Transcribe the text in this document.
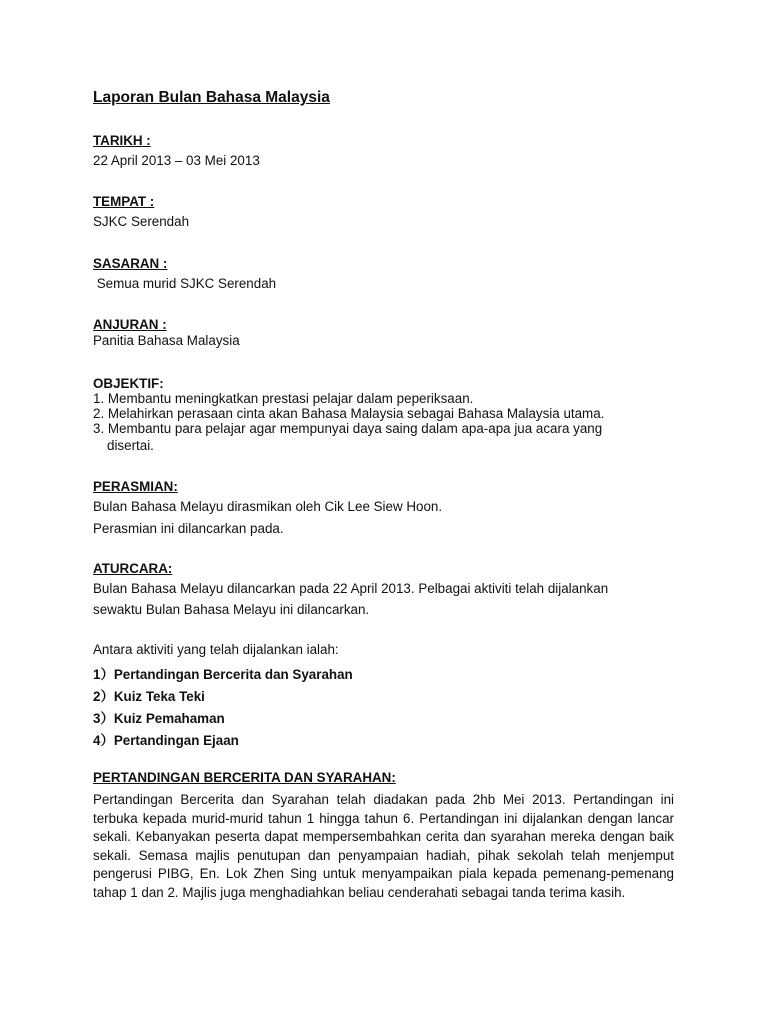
Laporan Bulan Bahasa Malaysia
TARIKH :
22 April 2013 – 03 Mei 2013
TEMPAT :
SJKC Serendah
SASARAN :
Semua murid SJKC Serendah
ANJURAN :
Panitia Bahasa Malaysia
OBJEKTIF:
1. Membantu meningkatkan prestasi pelajar dalam peperiksaan.
2. Melahirkan perasaan cinta akan Bahasa Malaysia sebagai Bahasa Malaysia utama.
3. Membantu para pelajar agar mempunyai daya saing dalam apa-apa jua acara yang
disertai.
PERASMIAN:
Bulan Bahasa Melayu dirasmikan oleh Cik Lee Siew Hoon.
Perasmian ini dilancarkan pada.
ATURCARA:
Bulan Bahasa Melayu dilancarkan pada 22 April 2013. Pelbagai aktiviti telah dijalankan
sewaktu Bulan Bahasa Melayu ini dilancarkan.
Antara aktiviti yang telah dijalankan ialah:
1）Pertandingan Bercerita dan Syarahan
2）Kuiz Teka Teki
3）Kuiz Pemahaman
4）Pertandingan Ejaan
PERTANDINGAN BERCERITA DAN SYARAHAN:
Pertandingan Bercerita dan Syarahan telah diadakan pada 2hb Mei 2013. Pertandingan ini terbuka kepada murid-murid tahun 1 hingga tahun 6. Pertandingan ini dijalankan dengan lancar sekali. Kebanyakan peserta dapat mempersembahkan cerita dan syarahan mereka dengan baik sekali. Semasa majlis penutupan dan penyampaian hadiah, pihak sekolah telah menjemput pengerusi PIBG, En. Lok Zhen Sing untuk menyampaikan piala kepada pemenang-pemenang tahap 1 dan 2. Majlis juga menghadiahkan beliau cenderahati sebagai tanda terima kasih.
